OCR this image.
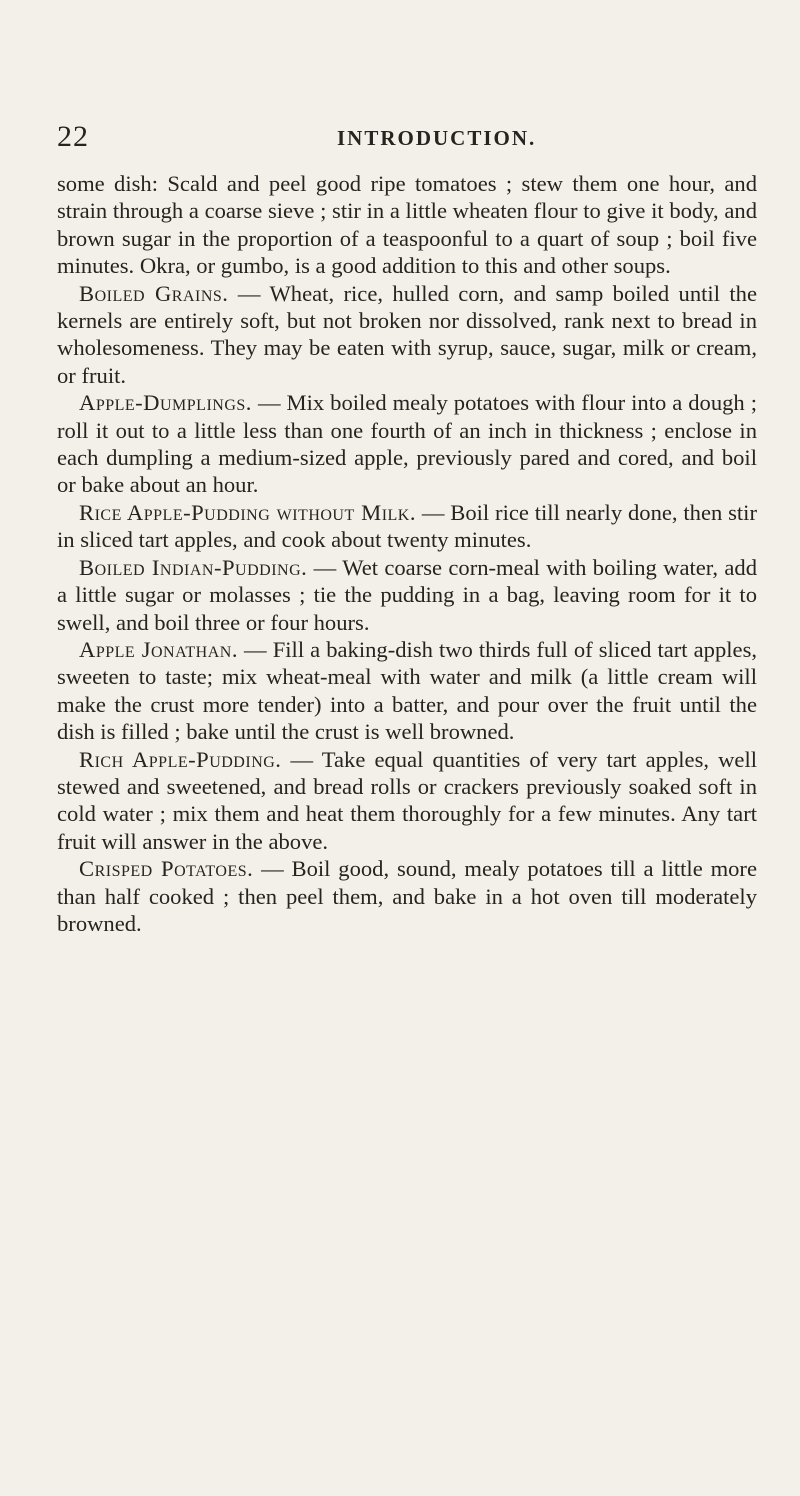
22	INTRODUCTION.

some dish: Scald and peel good ripe tomatoes ; stew them one hour, and strain through a coarse sieve ; stir in a little wheaten flour to give it body, and brown sugar in the proportion of a teaspoonful to a quart of soup ; boil five minutes. Okra, or gumbo, is a good addition to this and other soups.

Boiled Grains. — Wheat, rice, hulled corn, and samp boiled until the kernels are entirely soft, but not broken nor dissolved, rank next to bread in wholesomeness. They may be eaten with syrup, sauce, sugar, milk or cream, or fruit.

Apple-Dumplings. — Mix boiled mealy potatoes with flour into a dough ; roll it out to a little less than one fourth of an inch in thickness ; enclose in each dumpling a medium-sized apple, previously pared and cored, and boil or bake about an hour.

Rice Apple-Pudding without Milk. — Boil rice till nearly done, then stir in sliced tart apples, and cook about twenty minutes.

Boiled Indian-Pudding. — Wet coarse corn-meal with boiling water, add a little sugar or molasses ; tie the pudding in a bag, leaving room for it to swell, and boil three or four hours.

Apple Jonathan. — Fill a baking-dish two thirds full of sliced tart apples, sweeten to taste; mix wheat-meal with water and milk (a little cream will make the crust more tender) into a batter, and pour over the fruit until the dish is filled ; bake until the crust is well browned.

Rich Apple-Pudding. — Take equal quantities of very tart apples, well stewed and sweetened, and bread rolls or crackers previously soaked soft in cold water ; mix them and heat them thoroughly for a few minutes. Any tart fruit will answer in the above.

Crisped Potatoes. — Boil good, sound, mealy potatoes till a little more than half cooked ; then peel them, and bake in a hot oven till moderately browned.
